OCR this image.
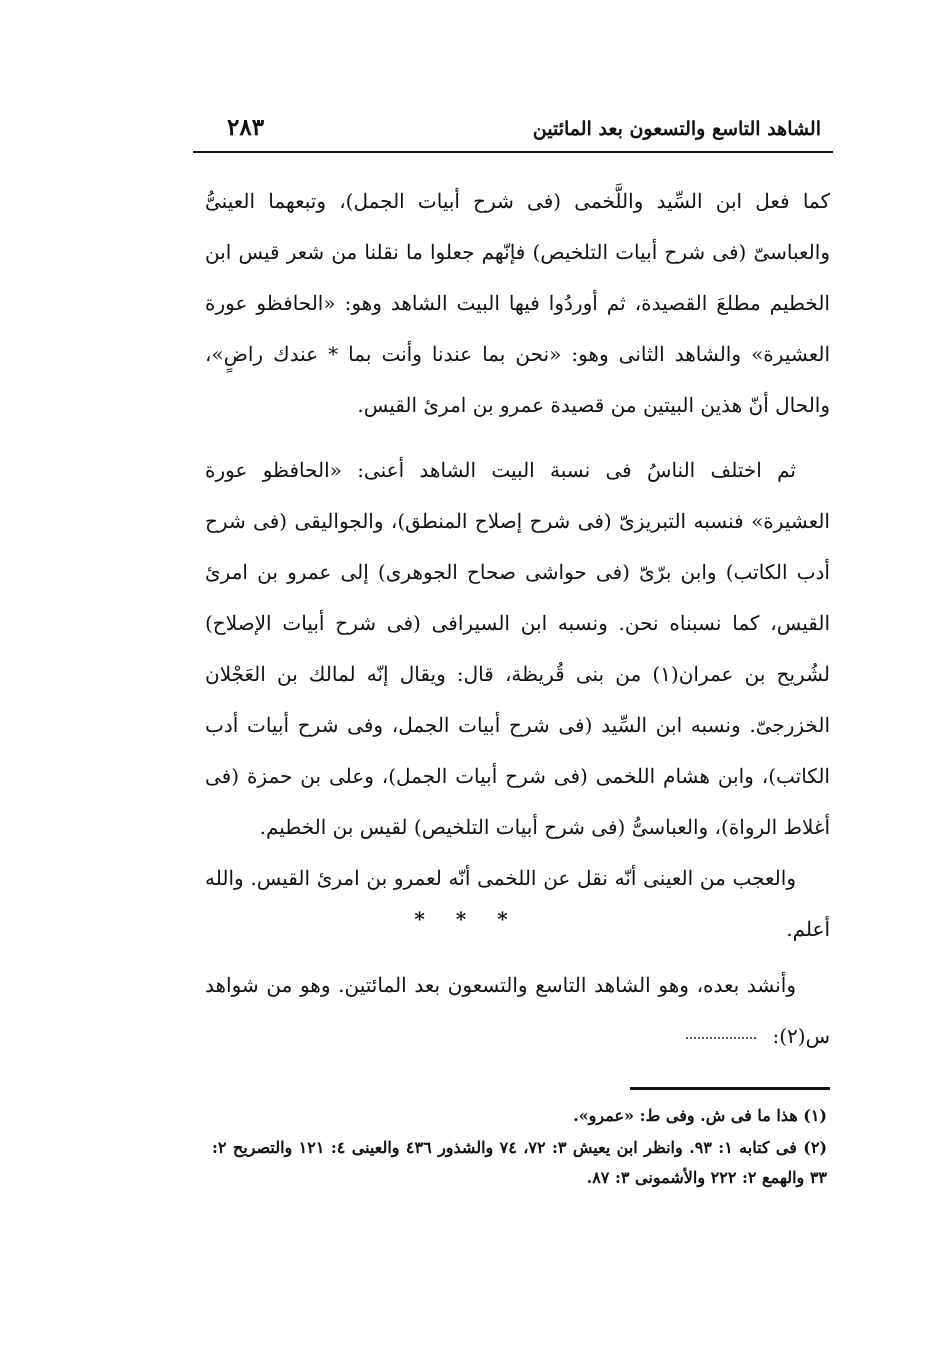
الشاهد التاسع والتسعون بعد المائتين
٢٨٣

كما فعل ابن السِّيد واللَّخمى (فى شرح أبيات الجمل)، وتبعهما العينىُّ والعباسىّ (فى شرح أبيات التلخيص) فإنّهم جعلوا ما نقلنا من شعر قيس ابن الخطيم مطلعَ القصيدة، ثم أوردُوا فيها البيت الشاهد وهو: «الحافظو عورة العشيرة» والشاهد الثانى وهو: «نحن بما عندنا وأنت بما * عندك راضٍ»، والحال أنّ هذين البيتين من قصيدة عمرو بن امرئ القيس.

ثم اختلف الناسُ فى نسبة البيت الشاهد أعنى: «الحافظو عورة العشيرة» فنسبه التبريزىّ (فى شرح إصلاح المنطق)، والجواليقى (فى شرح أدب الكاتب) وابن برّىّ (فى حواشى صحاح الجوهرى) إلى عمرو بن امرئ القيس، كما نسبناه نحن. ونسبه ابن السيرافى (فى شرح أبيات الإصلاح) لشُريح بن عمران(١) من بنى قُريظة، قال: ويقال إنّه لمالك بن العَجْلان الخزرجىّ. ونسبه ابن السِّيد (فى شرح أبيات الجمل، وفى شرح أبيات أدب الكاتب)، وابن هشام اللخمى (فى شرح أبيات الجمل)، وعلى بن حمزة (فى أغلاط الرواة)، والعباسىُّ (فى شرح أبيات التلخيص) لقيس بن الخطيم.

والعجب من العينى أنّه نقل عن اللخمى أنّه لعمرو بن امرئ القيس. والله أعلم.

* * *

وأنشد بعده، وهو الشاهد التاسع والتسعون بعد المائتين. وهو من شواهد س(٢):

(١) هذا ما فى ش. وفى ط: «عمرو».

(٢) فى كتابه ١: ٩٣. وانظر ابن يعيش ٣: ٧٢، ٧٤ والشذور ٤٣٦ والعينى ٤: ١٢١ والتصريح ٢: ٣٣ والهمع ٢: ٢٢٢ والأشمونى ٣: ٨٧.
